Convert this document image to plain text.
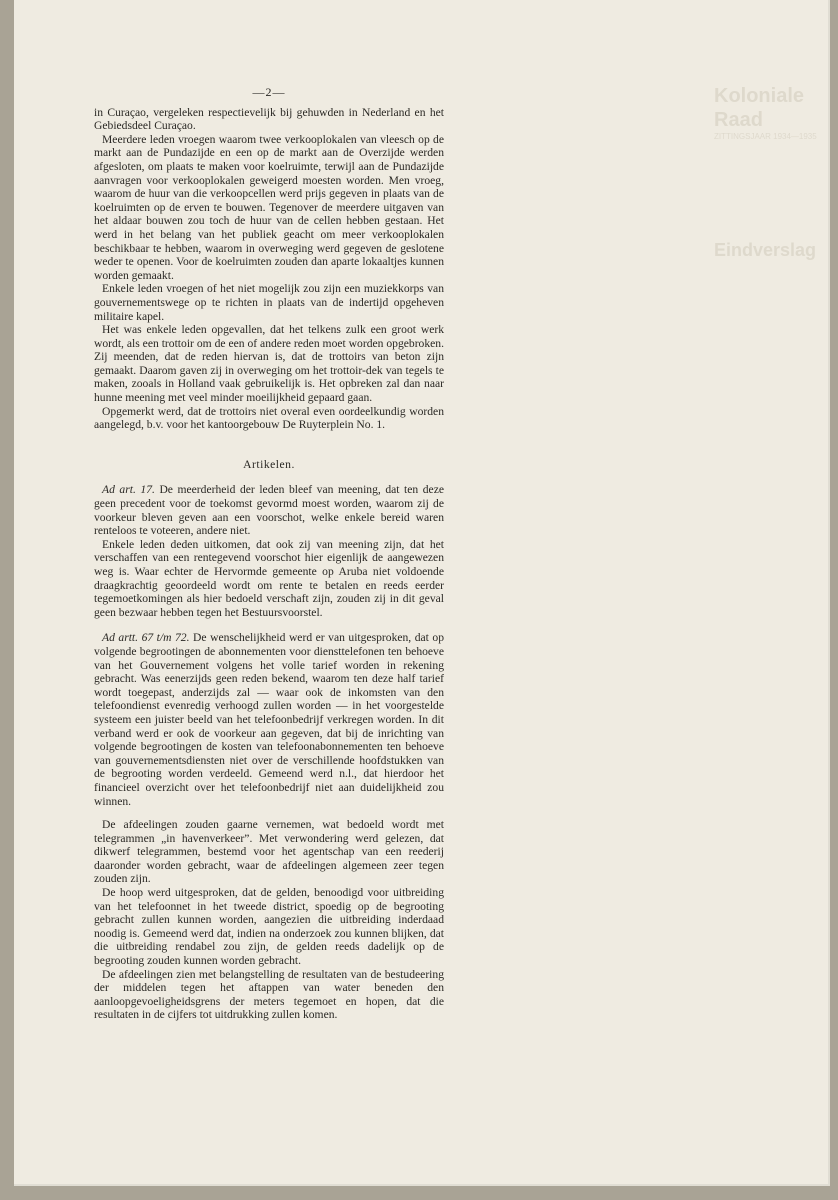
Koloniale Raad
ZITTINGSJAAR 1934—1935
Eindverslag
—2—

in Curaçao, vergeleken respectievelijk bij gehuwden in Nederland en het Gebiedsdeel Curaçao.

Meerdere leden vroegen waarom twee verkooplokalen van vleesch op de markt aan de Pundazijde en een op de markt aan de Overzijde werden afgesloten, om plaats te maken voor koelruimte, terwijl aan de Pundazijde aanvragen voor verkooplokalen geweigerd moesten worden. Men vroeg, waarom de huur van die verkoopcellen werd prijs gegeven in plaats van de koelruimten op de erven te bouwen. Tegenover de meerdere uitgaven van het aldaar bouwen zou toch de huur van de cellen hebben gestaan. Het werd in het belang van het publiek geacht om meer verkooplokalen beschikbaar te hebben, waarom in overweging werd gegeven de geslotene weder te openen. Voor de koelruimten zouden dan aparte lokaaltjes kunnen worden gemaakt.

Enkele leden vroegen of het niet mogelijk zou zijn een muziekkorps van gouvernementswege op te richten in plaats van de indertijd opgeheven militaire kapel.

Het was enkele leden opgevallen, dat het telkens zulk een groot werk wordt, als een trottoir om de een of andere reden moet worden opgebroken. Zij meenden, dat de reden hiervan is, dat de trottoirs van beton zijn gemaakt. Daarom gaven zij in overweging om het trottoir-dek van tegels te maken, zooals in Holland vaak gebruikelijk is. Het opbreken zal dan naar hunne meening met veel minder moeilijkheid gepaard gaan.

Opgemerkt werd, dat de trottoirs niet overal even oordeelkundig worden aangelegd, b.v. voor het kantoorgebouw De Ruyterplein No. 1.

Artikelen.

Ad art. 17. De meerderheid der leden bleef van meening, dat ten deze geen precedent voor de toekomst gevormd moest worden, waarom zij de voorkeur bleven geven aan een voorschot, welke enkele bereid waren renteloos te voteeren, andere niet.

Enkele leden deden uitkomen, dat ook zij van meening zijn, dat het verschaffen van een rentegevend voorschot hier eigenlijk de aangewezen weg is. Waar echter de Hervormde gemeente op Aruba niet voldoende draagkrachtig geoordeeld wordt om rente te betalen en reeds eerder tegemoetkomingen als hier bedoeld verschaft zijn, zouden zij in dit geval geen bezwaar hebben tegen het Bestuursvoorstel.

Ad artt. 67 t/m 72. De wenschelijkheid werd er van uitgesproken, dat op volgende begrootingen de abonnementen voor diensttelefonen ten behoeve van het Gouvernement volgens het volle tarief worden in rekening gebracht. Was eenerzijds geen reden bekend, waarom ten deze half tarief wordt toegepast, anderzijds zal — waar ook de inkomsten van den telefoondienst evenredig verhoogd zullen worden — in het voorgestelde systeem een juister beeld van het telefoonbedrijf verkregen worden. In dit verband werd er ook de voorkeur aan gegeven, dat bij de inrichting van volgende begrootingen de kosten van telefoonabonnementen ten behoeve van gouvernementsdiensten niet over de verschillende hoofdstukken van de begrooting worden verdeeld. Gemeend werd n.l., dat hierdoor het financieel overzicht over het telefoonbedrijf niet aan duidelijkheid zou winnen.

De afdeelingen zouden gaarne vernemen, wat bedoeld wordt met telegrammen „in havenverkeer”. Met verwondering werd gelezen, dat dikwerf telegrammen, bestemd voor het agentschap van een reederij daaronder worden gebracht, waar de afdeelingen algemeen zeer tegen zouden zijn.

De hoop werd uitgesproken, dat de gelden, benoodigd voor uitbreiding van het telefoonnet in het tweede district, spoedig op de begrooting gebracht zullen kunnen worden, aangezien die uitbreiding inderdaad noodig is. Gemeend werd dat, indien na onderzoek zou kunnen blijken, dat die uitbreiding rendabel zou zijn, de gelden reeds dadelijk op de begrooting zouden kunnen worden gebracht.

De afdeelingen zien met belangstelling de resultaten van de bestudeering der middelen tegen het aftappen van water beneden den aanloopgevoeligheidsgrens der meters tegemoet en hopen, dat die resultaten in de cijfers tot uitdrukking zullen komen.
